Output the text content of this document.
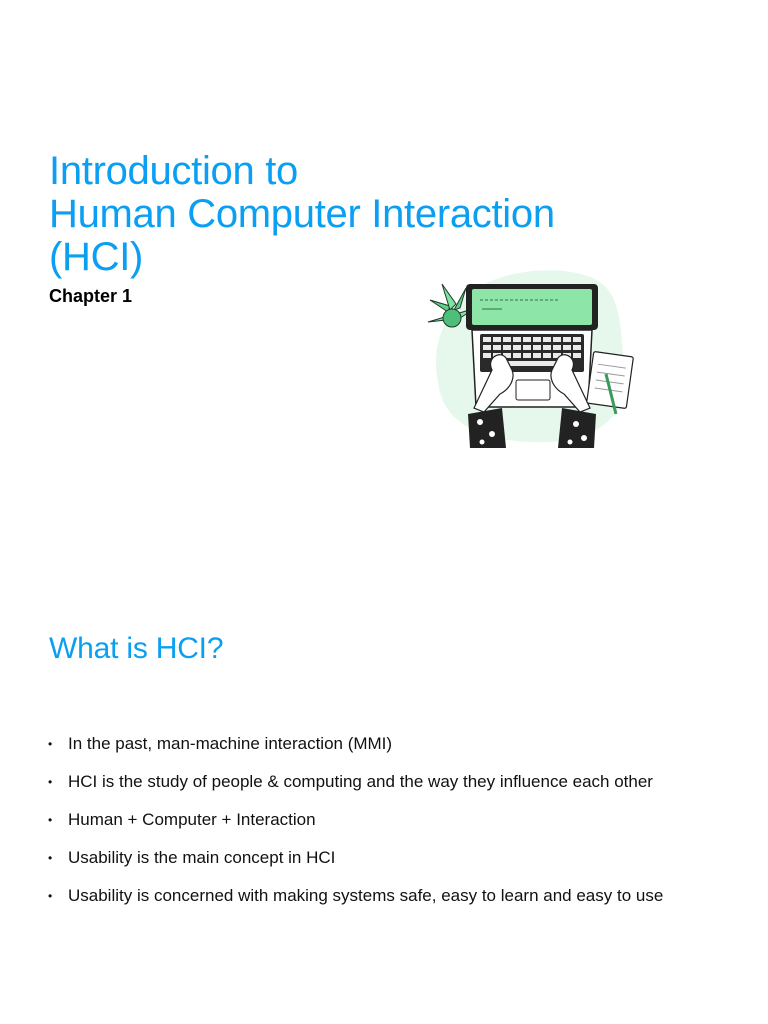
Introduction to
Human Computer Interaction
(HCI)

Chapter 1

What is HCI?
• In the past, man-machine interaction (MMI)
• HCI is the study of people & computing and the way they influence each other
• Human + Computer + Interaction
• Usability is the main concept in HCI
• Usability is concerned with making systems safe, easy to learn and easy to use
